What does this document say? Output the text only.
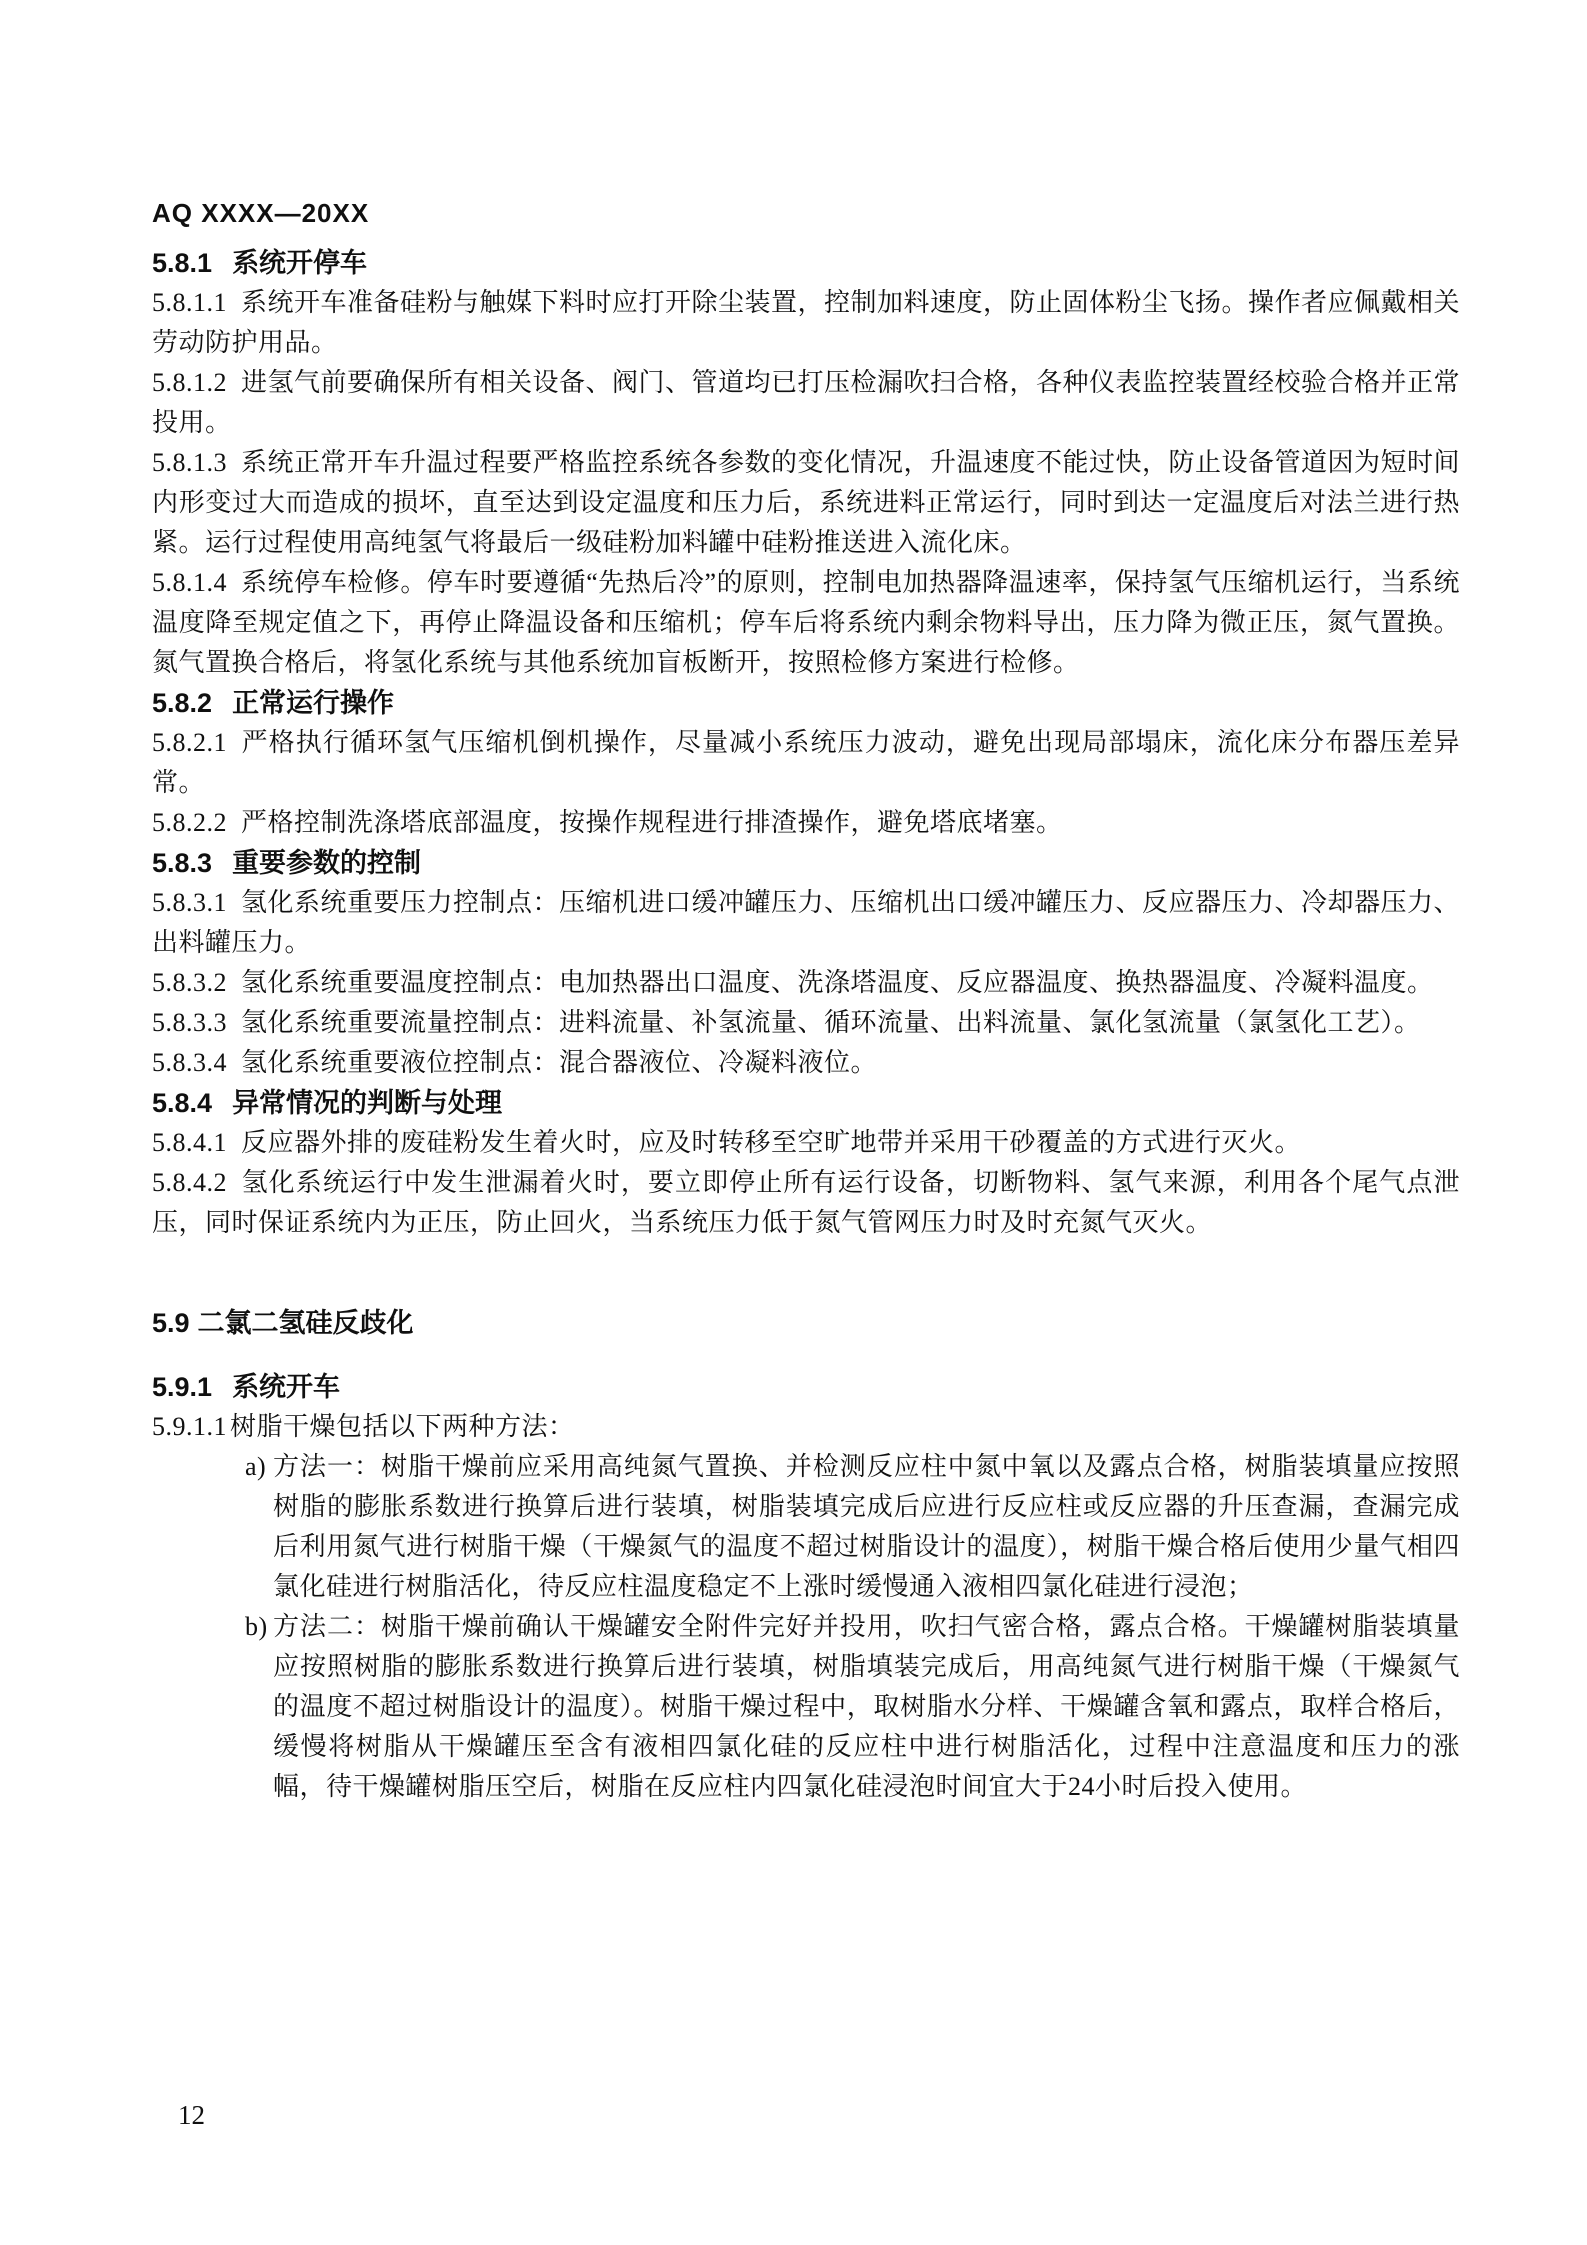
AQ XXXX—20XX
5.8.1 系统开停车

5.8.1.1 系统开车准备硅粉与触媒下料时应打开除尘装置，控制加料速度，防止固体粉尘飞扬。操作者应佩戴相关劳动防护用品。

5.8.1.2 进氢气前要确保所有相关设备、阀门、管道均已打压检漏吹扫合格，各种仪表监控装置经校验合格并正常投用。

5.8.1.3 系统正常开车升温过程要严格监控系统各参数的变化情况，升温速度不能过快，防止设备管道因为短时间内形变过大而造成的损坏，直至达到设定温度和压力后，系统进料正常运行，同时到达一定温度后对法兰进行热紧。运行过程使用高纯氢气将最后一级硅粉加料罐中硅粉推送进入流化床。

5.8.1.4 系统停车检修。停车时要遵循“先热后冷”的原则，控制电加热器降温速率，保持氢气压缩机运行，当系统温度降至规定值之下，再停止降温设备和压缩机；停车后将系统内剩余物料导出，压力降为微正压，氮气置换。氮气置换合格后，将氢化系统与其他系统加盲板断开，按照检修方案进行检修。

5.8.2 正常运行操作

5.8.2.1 严格执行循环氢气压缩机倒机操作，尽量减小系统压力波动，避免出现局部塌床，流化床分布器压差异常。

5.8.2.2 严格控制洗涤塔底部温度，按操作规程进行排渣操作，避免塔底堵塞。

5.8.3 重要参数的控制

5.8.3.1 氢化系统重要压力控制点：压缩机进口缓冲罐压力、压缩机出口缓冲罐压力、反应器压力、冷却器压力、出料罐压力。

5.8.3.2 氢化系统重要温度控制点：电加热器出口温度、洗涤塔温度、反应器温度、换热器温度、冷凝料温度。

5.8.3.3 氢化系统重要流量控制点：进料流量、补氢流量、循环流量、出料流量、氯化氢流量（氯氢化工艺）。

5.8.3.4 氢化系统重要液位控制点：混合器液位、冷凝料液位。

5.8.4 异常情况的判断与处理

5.8.4.1 反应器外排的废硅粉发生着火时，应及时转移至空旷地带并采用干砂覆盖的方式进行灭火。

5.8.4.2 氢化系统运行中发生泄漏着火时，要立即停止所有运行设备，切断物料、氢气来源，利用各个尾气点泄压，同时保证系统内为正压，防止回火，当系统压力低于氮气管网压力时及时充氮气灭火。

5.9 二氯二氢硅反歧化
5.9.1 系统开车

5.9.1.1 树脂干燥包括以下两种方法：

a) 方法一：树脂干燥前应采用高纯氮气置换、并检测反应柱中氮中氧以及露点合格，树脂装填量应按照树脂的膨胀系数进行换算后进行装填，树脂装填完成后应进行反应柱或反应器的升压查漏，查漏完成后利用氮气进行树脂干燥（干燥氮气的温度不超过树脂设计的温度），树脂干燥合格后使用少量气相四氯化硅进行树脂活化，待反应柱温度稳定不上涨时缓慢通入液相四氯化硅进行浸泡；
b) 方法二：树脂干燥前确认干燥罐安全附件完好并投用，吹扫气密合格，露点合格。干燥罐树脂装填量应按照树脂的膨胀系数进行换算后进行装填，树脂填装完成后，用高纯氮气进行树脂干燥（干燥氮气的温度不超过树脂设计的温度）。树脂干燥过程中，取树脂水分样、干燥罐含氧和露点，取样合格后，缓慢将树脂从干燥罐压至含有液相四氯化硅的反应柱中进行树脂活化，过程中注意温度和压力的涨幅，待干燥罐树脂压空后，树脂在反应柱内四氯化硅浸泡时间宜大于24小时后投入使用。
12
